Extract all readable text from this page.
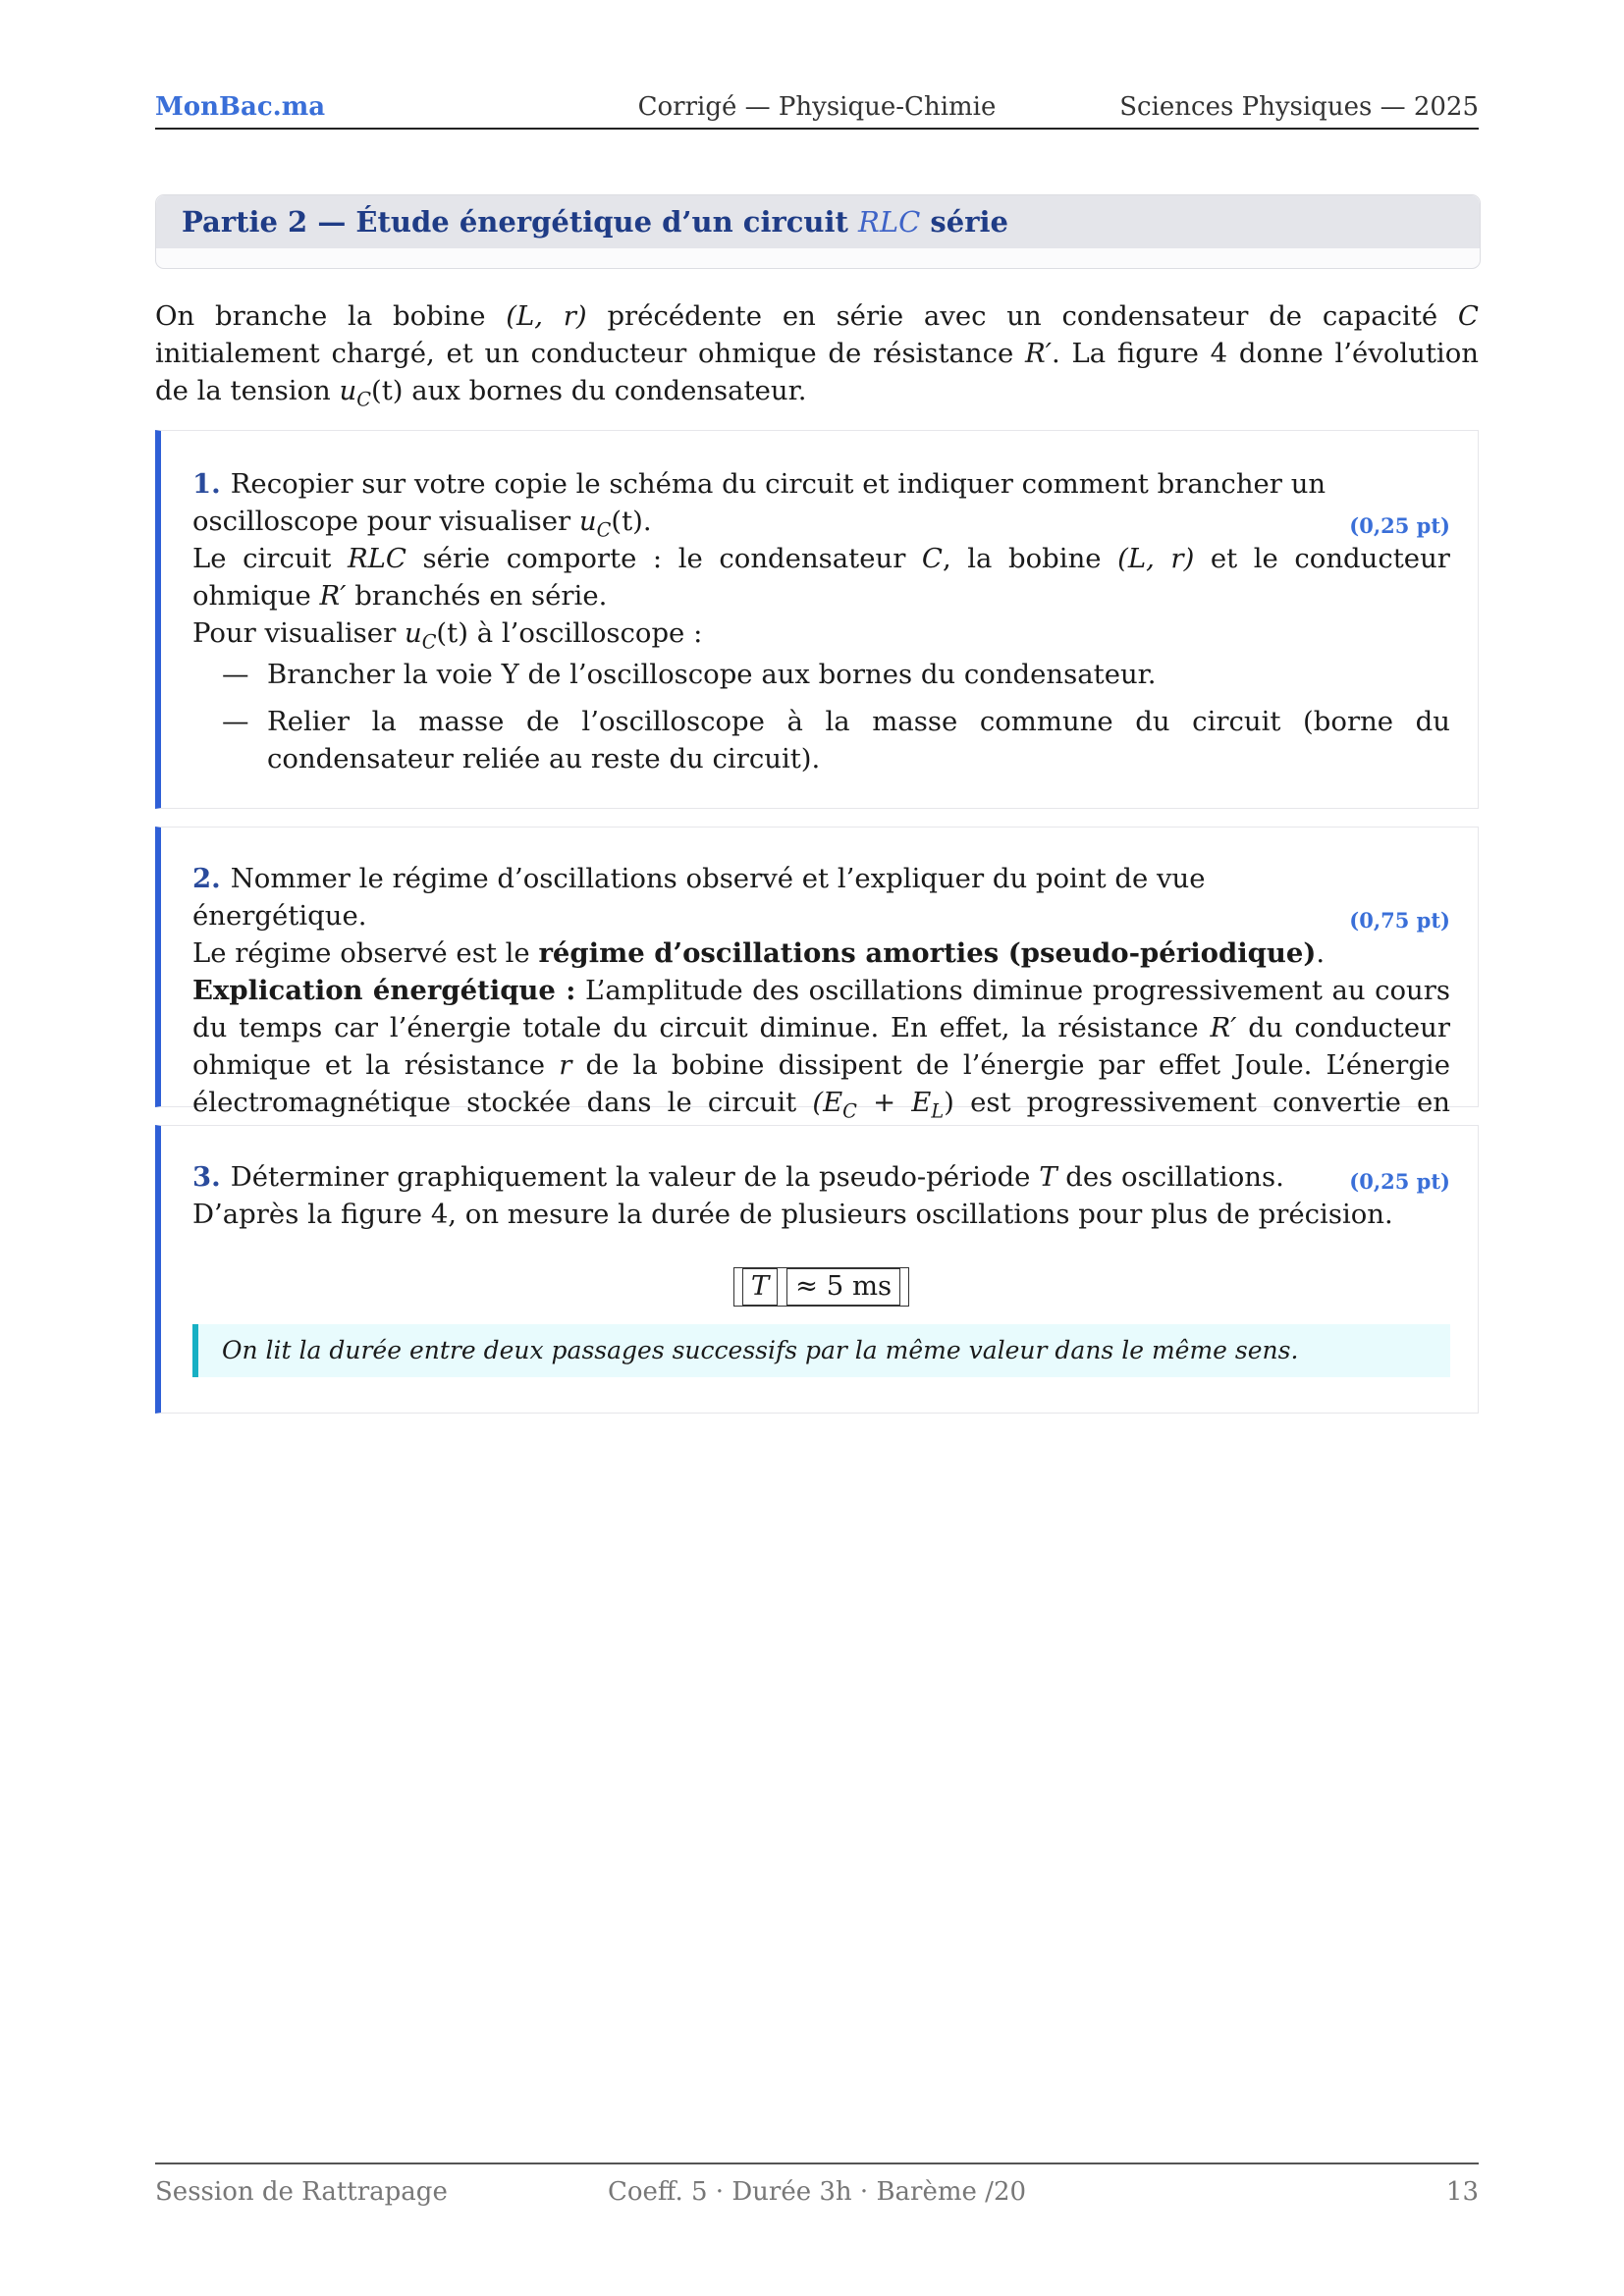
Corrigé — Physique-Chimie
MonBac.ma	Sciences Physiques — 2025
Partie 2 — Étude énergétique d’un circuit RLC série

On branche la bobine (L, r) précédente en série avec un condensateur de capacité C initialement chargé, et un conducteur ohmique de résistance R′. La figure 4 donne l’évolution de la tension $u_C(t)$ aux bornes du condensateur.

1. Recopier sur votre copie le schéma du circuit et indiquer comment brancher un oscilloscope pour visualiser $u_C(t)$.	(0,25 pt)

Le circuit RLC série comporte : le condensateur C, la bobine (L, r) et le conducteur ohmique R′ branchés en série.

Pour visualiser $u_C(t)$ à l’oscilloscope :

— Brancher la voie Y de l’oscilloscope aux bornes du condensateur.
— Relier la masse de l’oscilloscope à la masse commune du circuit (borne du condensateur reliée au reste du circuit).

2. Nommer le régime d’oscillations observé et l’expliquer du point de vue énergétique.	(0,75 pt)

Le régime observé est le régime d’oscillations amorties (pseudo-périodique).

Explication énergétique : L’amplitude des oscillations diminue progressivement au cours du temps car l’énergie totale du circuit diminue. En effet, la résistance R′ du conducteur ohmique et la résistance r de la bobine dissipent de l’énergie par effet Joule. L’énergie électromagnétique stockée dans le circuit $(E_C + E_L)$ est progressivement convertie en

3. Déterminer graphiquement la valeur de la pseudo-période T des oscillations.	(0,25 pt)

D’après la figure 4, on mesure la durée de plusieurs oscillations pour plus de précision.

T ≈ 5 ms

On lit la durée entre deux passages successifs par la même valeur dans le même sens.

Coeff. 5 · Durée 3h · Barème /20
Session de Rattrapage	13
